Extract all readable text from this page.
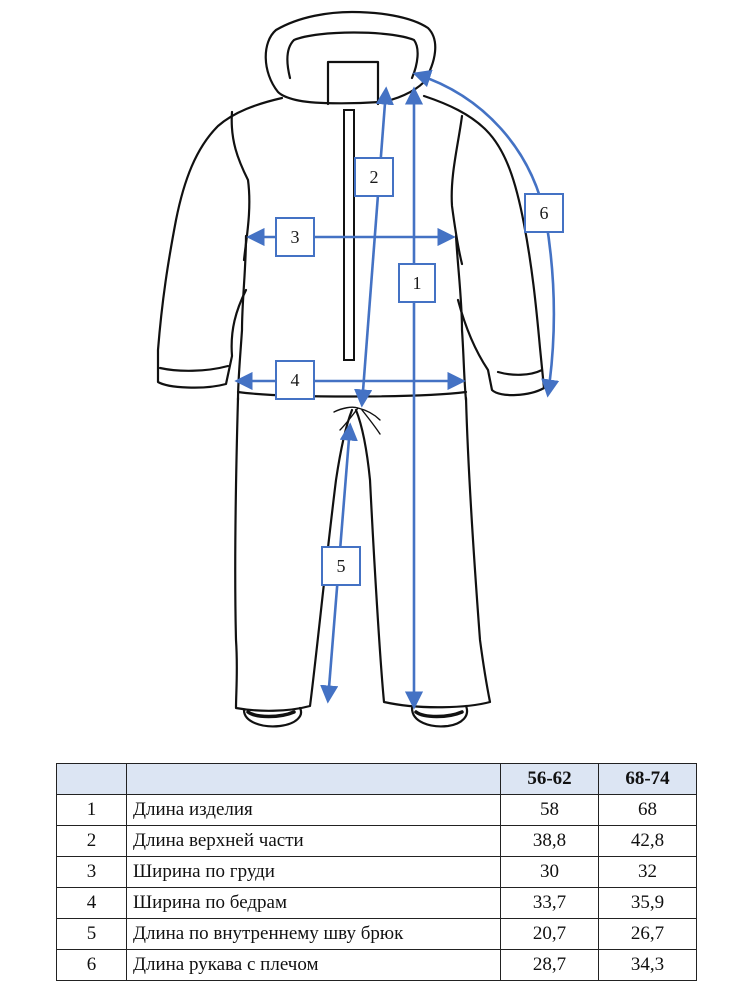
1
2
3
4
5
6
		56-62	68-74
1	Длина изделия	58	68
2	Длина верхней части	38,8	42,8
3	Ширина по груди	30	32
4	Ширина по бедрам	33,7	35,9
5	Длина по внутреннему шву брюк	20,7	26,7
6	Длина рукава с плечом	28,7	34,3
